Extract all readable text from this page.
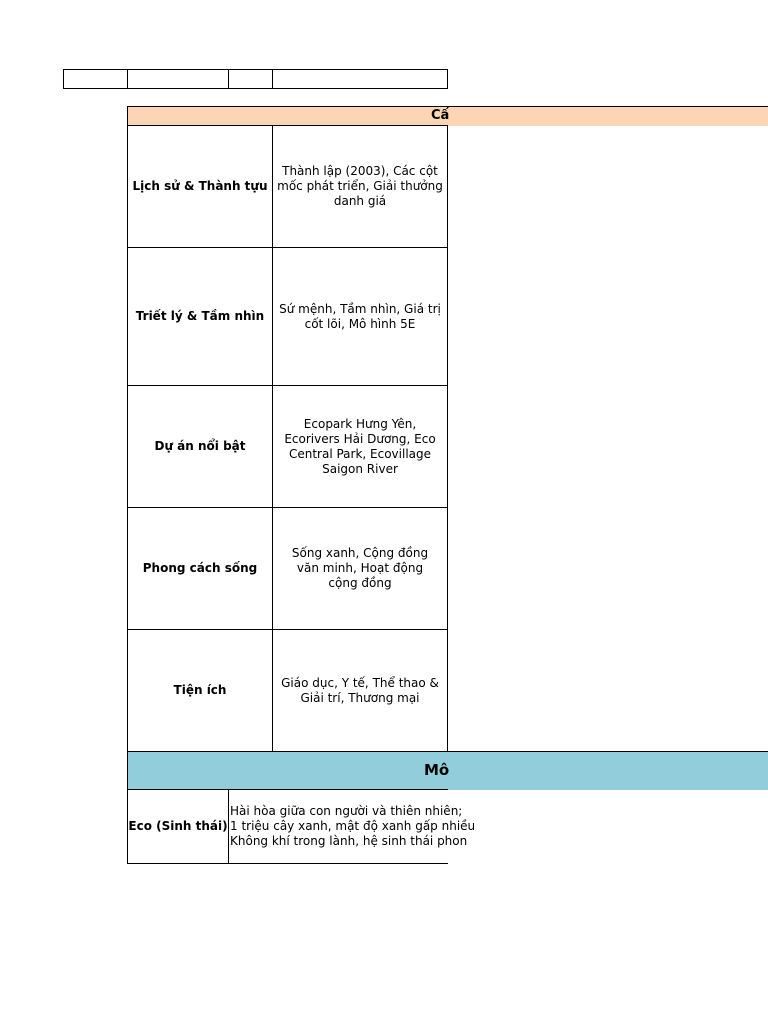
Cấ
Lịch sử & Thành tựu
Thành lập (2003), Các cột mốc phát triển, Giải thưởng danh giá
Triết lý & Tầm nhìn
Sứ mệnh, Tầm nhìn, Giá trị cốt lõi, Mô hình 5E
Dự án nổi bật
Ecopark Hưng Yên, Ecorivers Hải Dương, Eco Central Park, Ecovillage Saigon River
Phong cách sống
Sống xanh, Cộng đồng văn minh, Hoạt động cộng đồng
Tiện ích
Giáo dục, Y tế, Thể thao & Giải trí, Thương mại
Mô
Eco (Sinh thái)
Hài hòa giữa con người và thiên nhiên;
1 triệu cây xanh, mật độ xanh gấp nhiều
Không khí trong lành, hệ sinh thái phon
